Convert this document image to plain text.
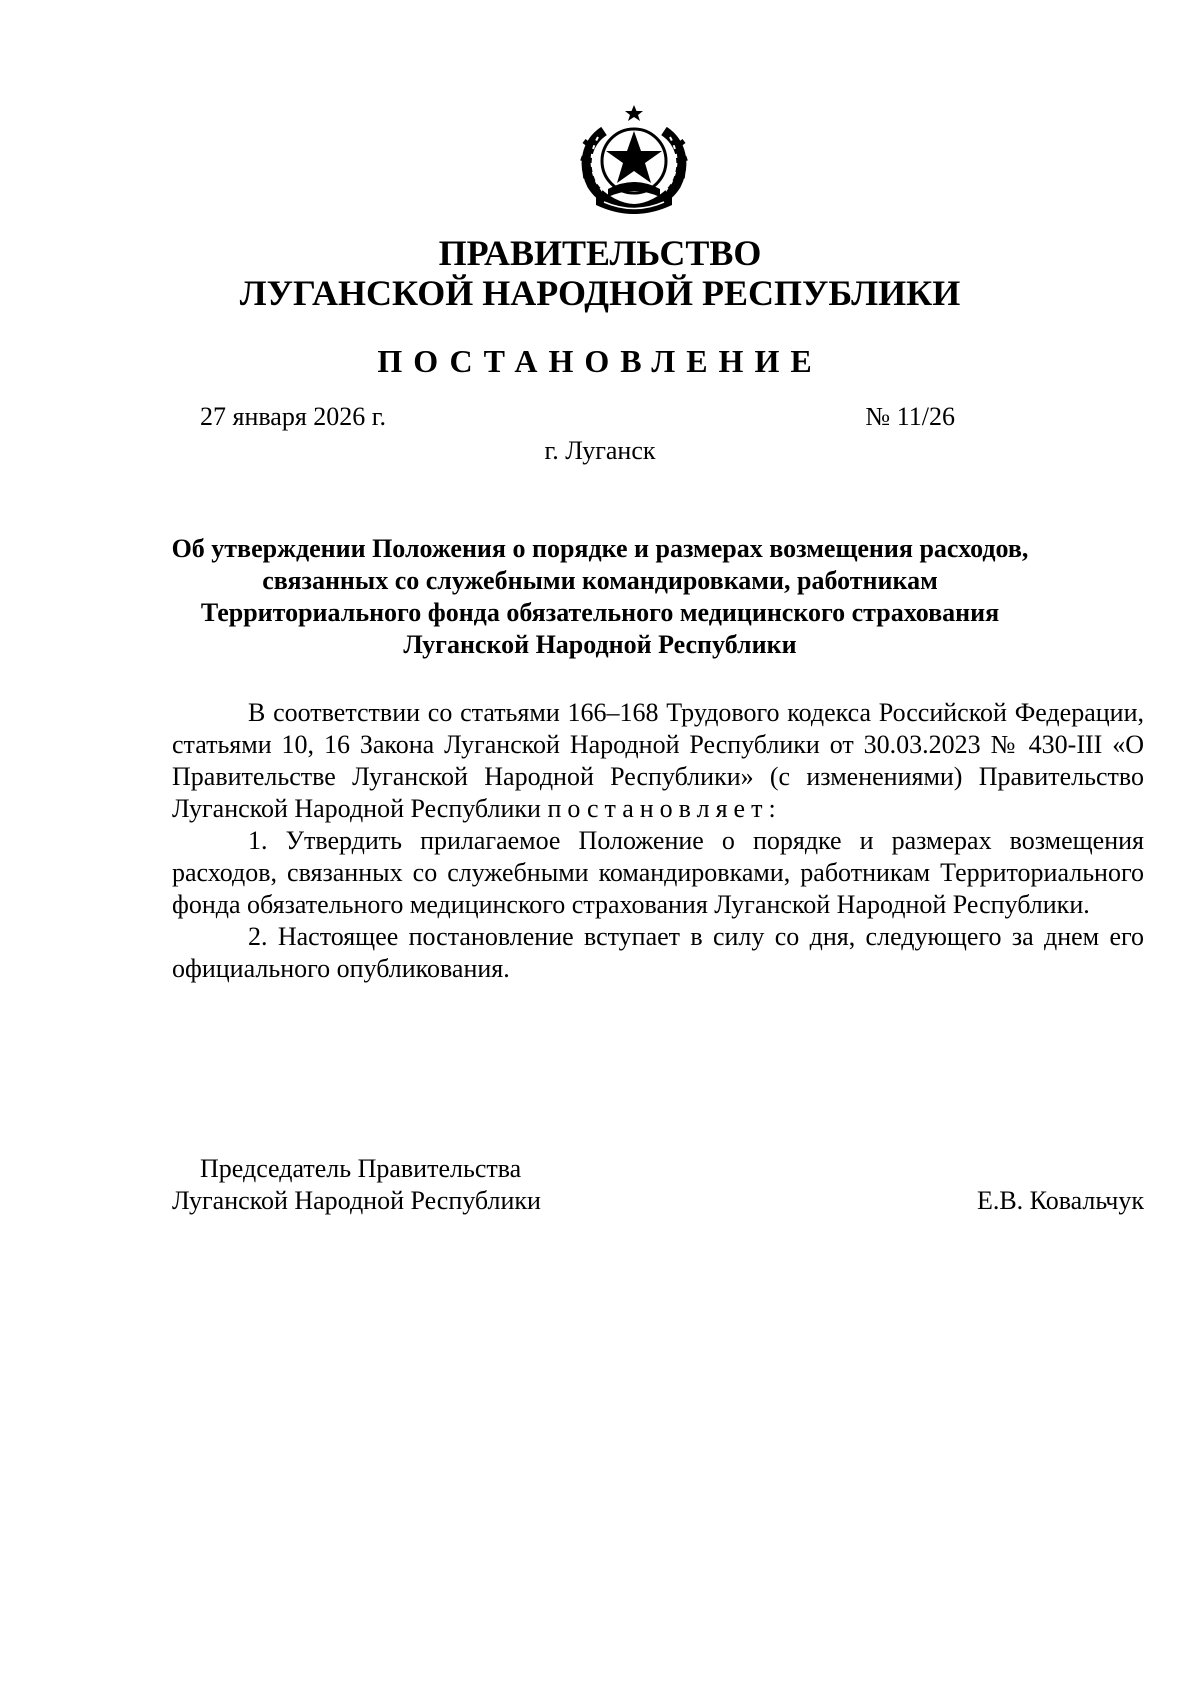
ПРАВИТЕЛЬСТВО
ЛУГАНСКОЙ НАРОДНОЙ РЕСПУБЛИКИ
ПОСТАНОВЛЕНИЕ

27 января 2026 г.	№ 11/26

г. Луганск

Об утверждении Положения о порядке и размерах возмещения расходов, связанных со служебными командировками, работникам Территориального фонда обязательного медицинского страхования Луганской Народной Республики

В соответствии со статьями 166–168 Трудового кодекса Российской Федерации, статьями 10, 16 Закона Луганской Народной Республики от 30.03.2023 № 430-III «О Правительстве Луганской Народной Республики» (с изменениями) Правительство Луганской Народной Республики постановляет:

1. Утвердить прилагаемое Положение о порядке и размерах возмещения расходов, связанных со служебными командировками, работникам Территориального фонда обязательного медицинского страхования Луганской Народной Республики.

2. Настоящее постановление вступает в силу со дня, следующего за днем его официального опубликования.

Председатель Правительства

Луганской Народной Республики	Е.В. Ковальчук
